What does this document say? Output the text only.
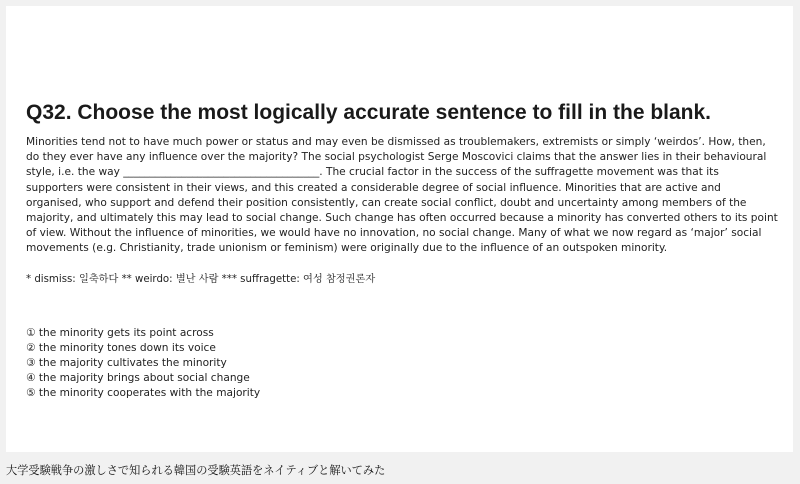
Q32. Choose the most logically accurate sentence to fill in the blank.

Minorities tend not to have much power or status and may even be dismissed as troublemakers, extremists or simply ‘weirdos’. How, then, do they ever have any influence over the majority? The social psychologist Serge Moscovici claims that the answer lies in their behavioural style, i.e. the way _____________________________________. The crucial factor in the success of the suffragette movement was that its supporters were consistent in their views, and this created a considerable degree of social influence. Minorities that are active and organised, who support and defend their position consistently, can create social conflict, doubt and uncertainty among members of the majority, and ultimately this may lead to social change. Such change has often occurred because a minority has converted others to its point of view. Without the influence of minorities, we would have no innovation, no social change. Many of what we now regard as ‘major’ social movements (e.g. Christianity, trade unionism or feminism) were originally due to the influence of an outspoken minority.

* dismiss: 일축하다 ** weirdo: 별난 사람 *** suffragette: 여성 참정권론자

① the minority gets its point across
② the minority tones down its voice
③ the majority cultivates the minority
④ the majority brings about social change
⑤ the minority cooperates with the majority

大学受験戦争の激しさで知られる韓国の受験英語をネイティブと解いてみた
